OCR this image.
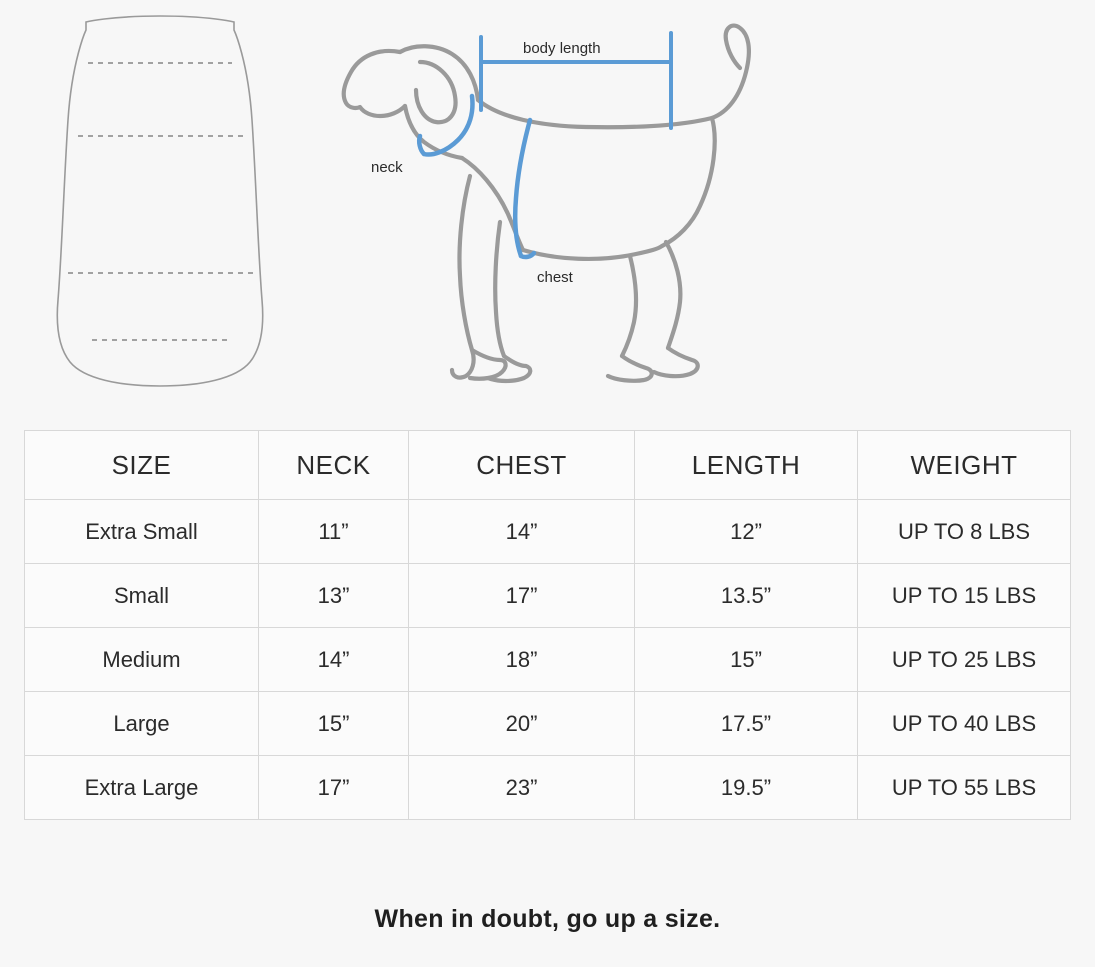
body length
neck
chest
SIZE	NECK	CHEST	LENGTH	WEIGHT
Extra Small	11”	14”	12”	UP TO 8 LBS
Small	13”	17”	13.5”	UP TO 15 LBS
Medium	14”	18”	15”	UP TO 25 LBS
Large	15”	20”	17.5”	UP TO 40 LBS
Extra Large	17”	23”	19.5”	UP TO 55 LBS
When in doubt, go up a size.
